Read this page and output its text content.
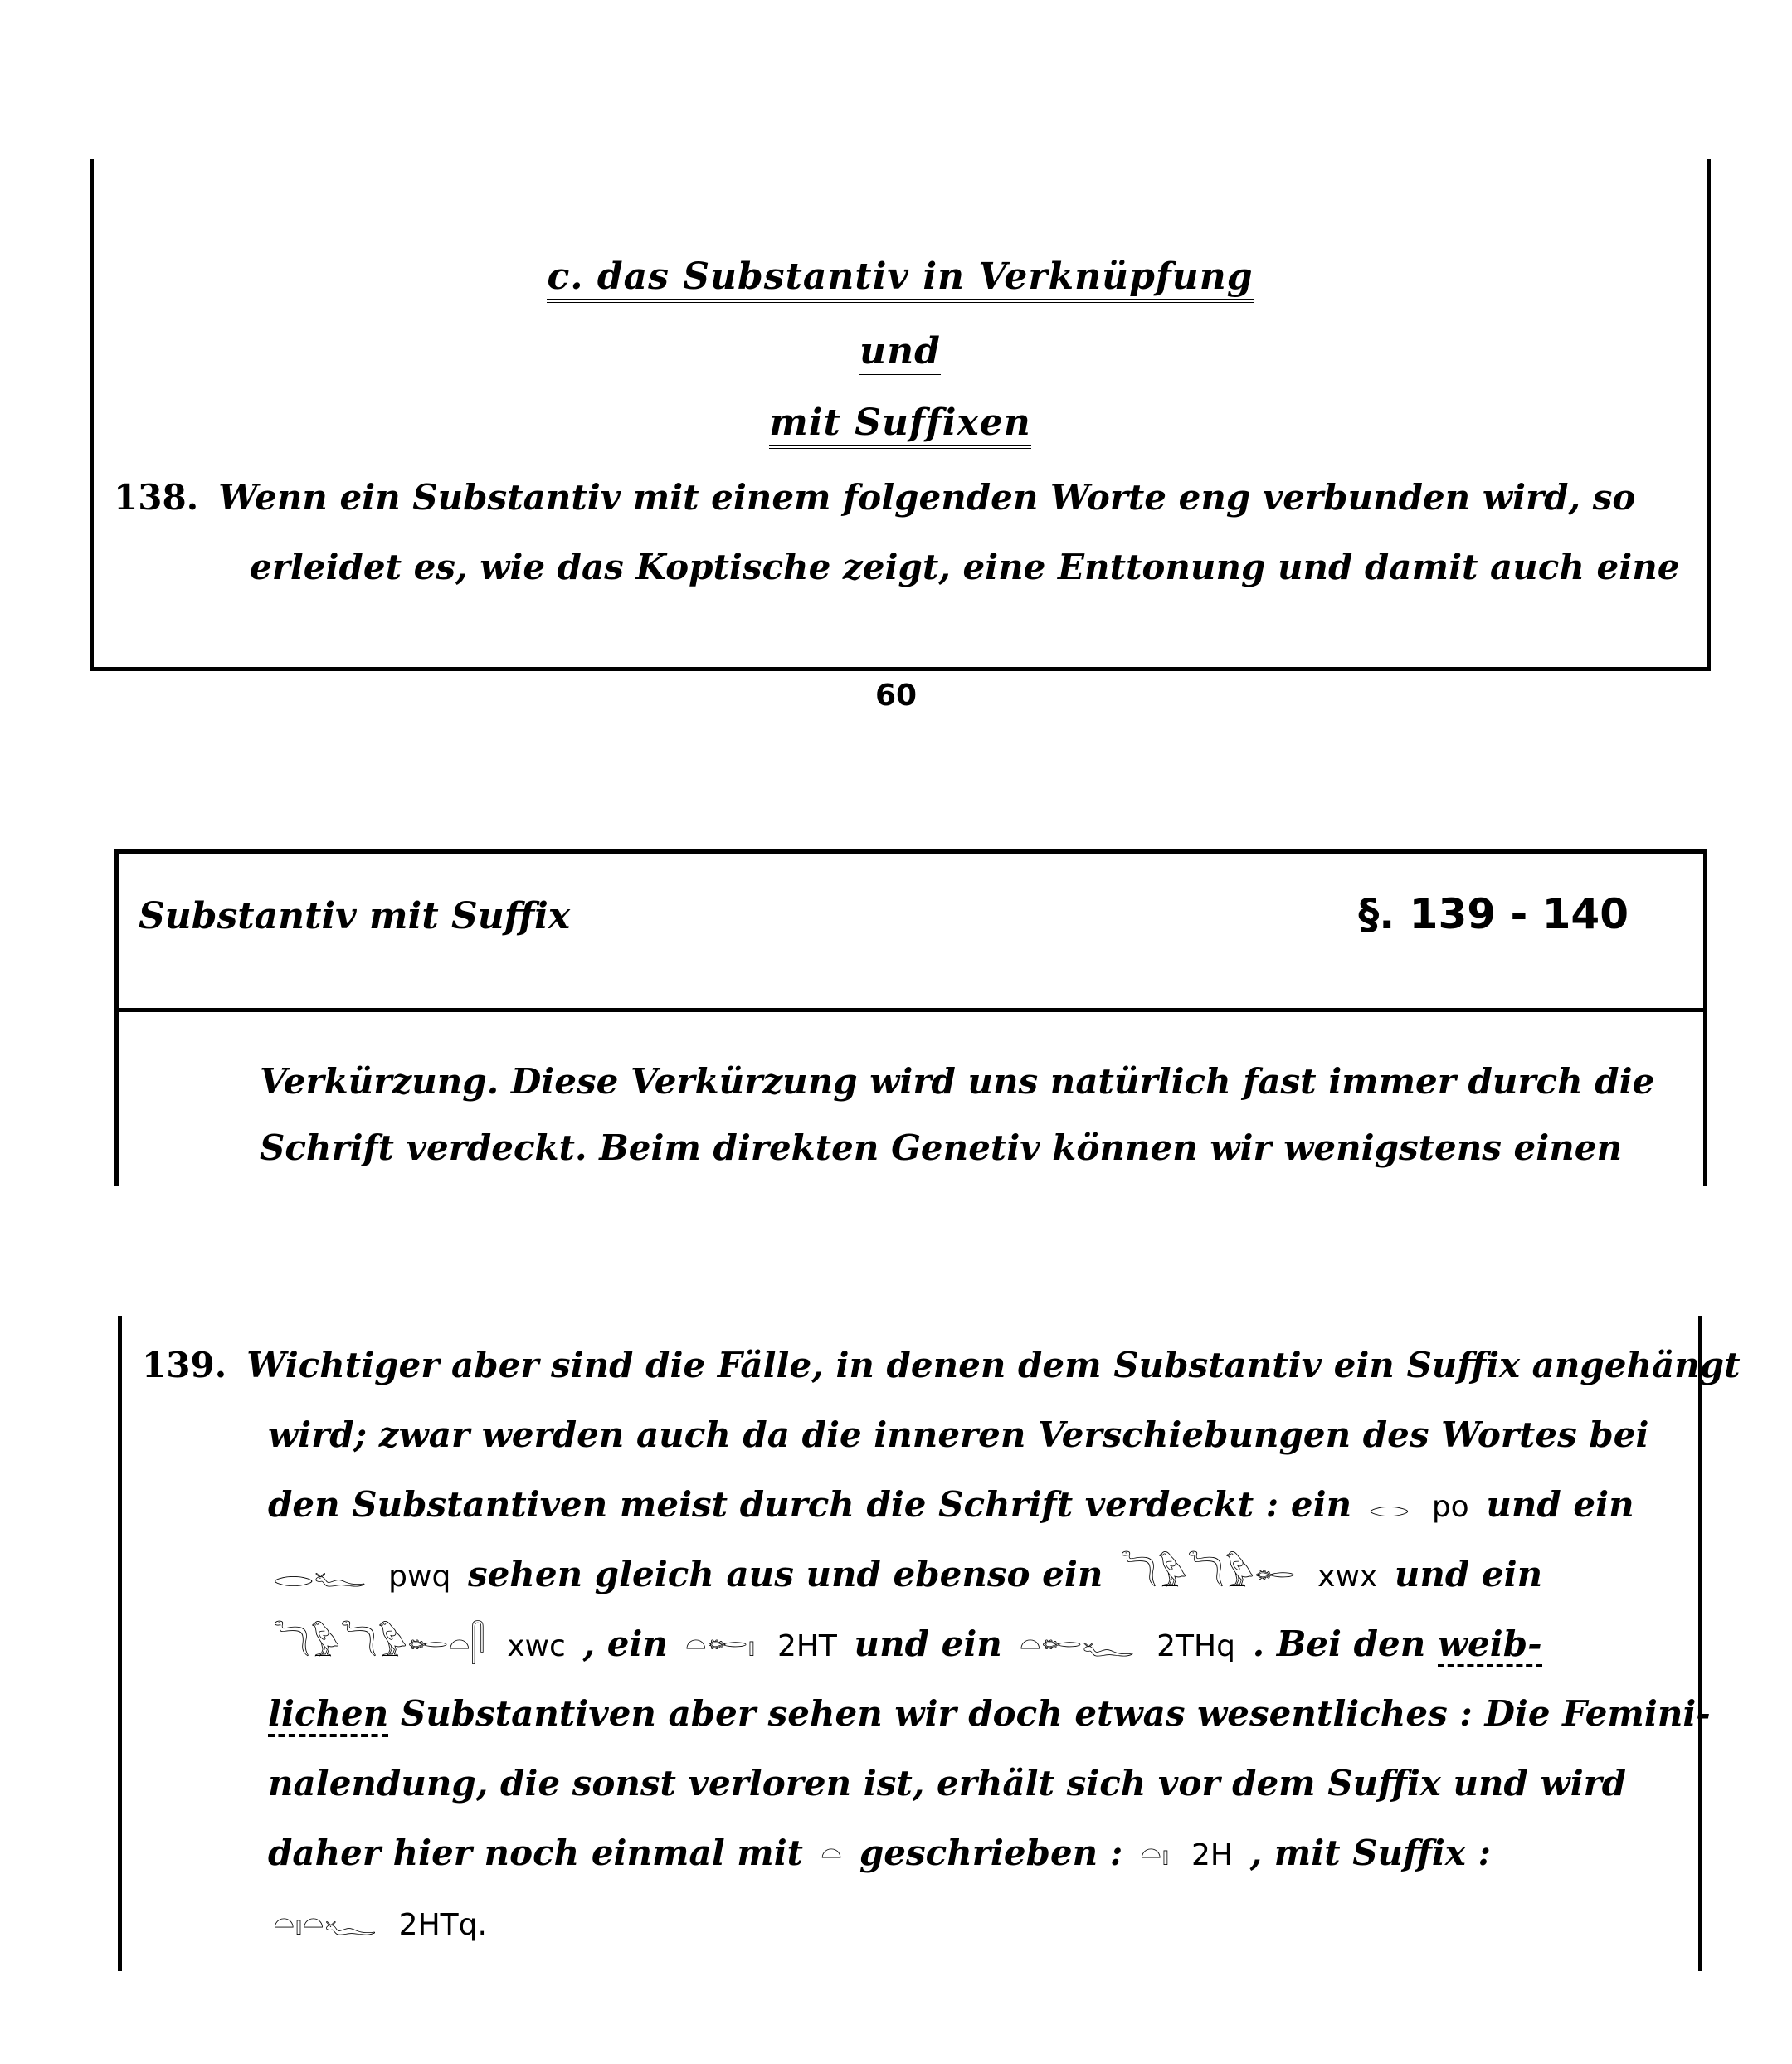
c. das Substantiv in Verknüpfung
und
mit Suffixen
138. Wenn ein Substantiv mit einem folgenden Worte eng verbunden wird, so
erleidet es, wie das Koptische zeigt, eine Enttonung und damit auch eine
60
Substantiv mit Suffix	§. 139 - 140
Verkürzung. Diese Verkürzung wird uns natürlich fast immer durch die
Schrift verdeckt. Beim direkten Genetiv können wir wenigstens einen
139. Wichtiger aber sind die Fälle, in denen dem Substantiv ein Suffix angehängt
wird; zwar werden auch da die inneren Verschiebungen des Wortes bei
den Substantiven meist durch die Schrift verdeckt : ein 𓂋 po und ein
𓂋𓆑 pwq sehen gleich aus und ebenso ein 𓆓𓅱𓆓𓅱𓄡 xwx und ein
𓆓𓅱𓆓𓅱𓄡𓏏𓋴 xwc , ein 𓏏𓄡𓏤 2HT und ein 𓏏𓄡𓆑 2THq . Bei den weib-
lichen Substantiven aber sehen wir doch etwas wesentliches : Die Femini-
nalendung, die sonst verloren ist, erhält sich vor dem Suffix und wird
daher hier noch einmal mit 𓏏 geschrieben : 𓏏𓏤 2H , mit Suffix :
𓏏𓏤𓏏𓆑 2HTq.
